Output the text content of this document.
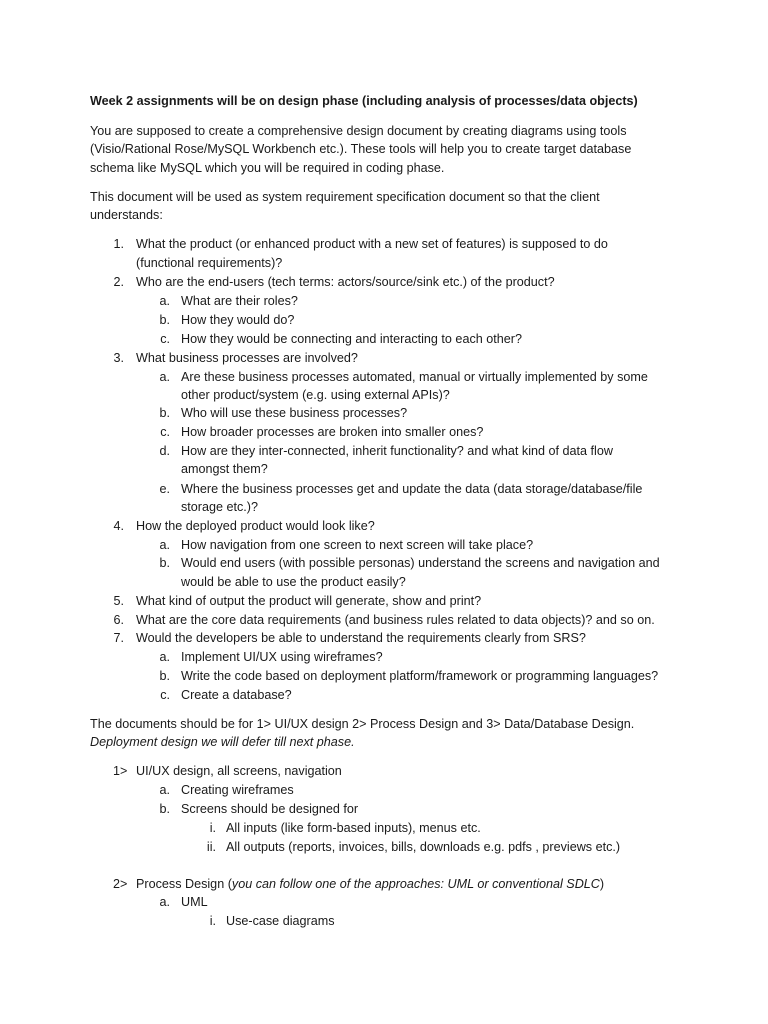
Week 2 assignments will be on design phase (including analysis of processes/data objects)
You are supposed to create a comprehensive design document by creating diagrams using tools
(Visio/Rational Rose/MySQL Workbench etc.). These tools will help you to create target database
schema like MySQL which you will be required in coding phase.
This document will be used as system requirement specification document so that the client
understands:
1. What the product (or enhanced product with a new set of features) is supposed to do
(functional requirements)?
2. Who are the end-users (tech terms: actors/source/sink etc.) of the product?
a. What are their roles?
b. How they would do?
c. How they would be connecting and interacting to each other?
3. What business processes are involved?
a. Are these business processes automated, manual or virtually implemented by some
other product/system (e.g. using external APIs)?
b. Who will use these business processes?
c. How broader processes are broken into smaller ones?
d. How are they inter-connected, inherit functionality? and what kind of data flow
amongst them?
e. Where the business processes get and update the data (data storage/database/file
storage etc.)?
4. How the deployed product would look like?
a. How navigation from one screen to next screen will take place?
b. Would end users (with possible personas) understand the screens and navigation and
would be able to use the product easily?
5. What kind of output the product will generate, show and print?
6. What are the core data requirements (and business rules related to data objects)? and so on.
7. Would the developers be able to understand the requirements clearly from SRS?
a. Implement UI/UX using wireframes?
b. Write the code based on deployment platform/framework or programming languages?
c. Create a database?
The documents should be for 1> UI/UX design 2> Process Design and 3> Data/Database Design.
Deployment design we will defer till next phase.
1> UI/UX design, all screens, navigation
a. Creating wireframes
b. Screens should be designed for
i. All inputs (like form-based inputs), menus etc.
ii. All outputs (reports, invoices, bills, downloads e.g. pdfs , previews etc.)
2> Process Design (you can follow one of the approaches: UML or conventional SDLC)
a. UML
i. Use-case diagrams
